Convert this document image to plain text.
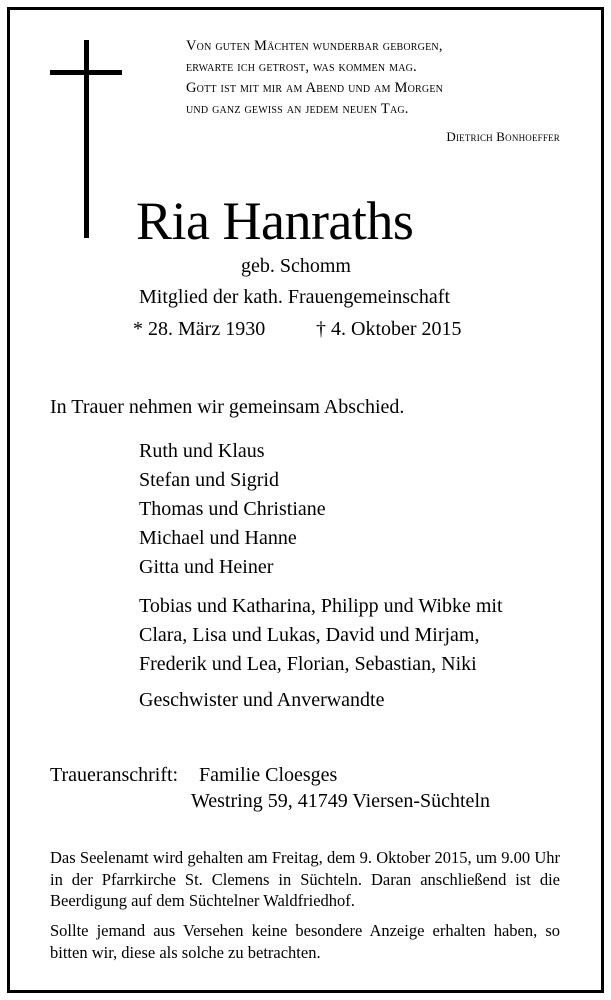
Von guten Mächten wunderbar geborgen,
erwarte ich getrost, was kommen mag.
Gott ist mit mir am Abend und am Morgen
und ganz gewiss an jedem neuen Tag.
Dietrich Bonhoeffer
Ria Hanraths
geb. Schomm
Mitglied der kath. Frauengemeinschaft
* 28. März 1930	† 4. Oktober 2015
In Trauer nehmen wir gemeinsam Abschied.
Ruth und Klaus
Stefan und Sigrid
Thomas und Christiane
Michael und Hanne
Gitta und Heiner
Tobias und Katharina, Philipp und Wibke mit
Clara, Lisa und Lukas, David und Mirjam,
Frederik und Lea, Florian, Sebastian, Niki
Geschwister und Anverwandte
Traueranschrift: Familie Cloesges
Westring 59, 41749 Viersen-Süchteln
Das Seelenamt wird gehalten am Freitag, dem 9. Oktober 2015, um 9.00 Uhr in der Pfarrkirche St. Clemens in Süchteln. Daran anschließend ist die Beerdigung auf dem Süchtelner Waldfriedhof.
Sollte jemand aus Versehen keine besondere Anzeige erhalten haben, so bitten wir, diese als solche zu betrachten.
